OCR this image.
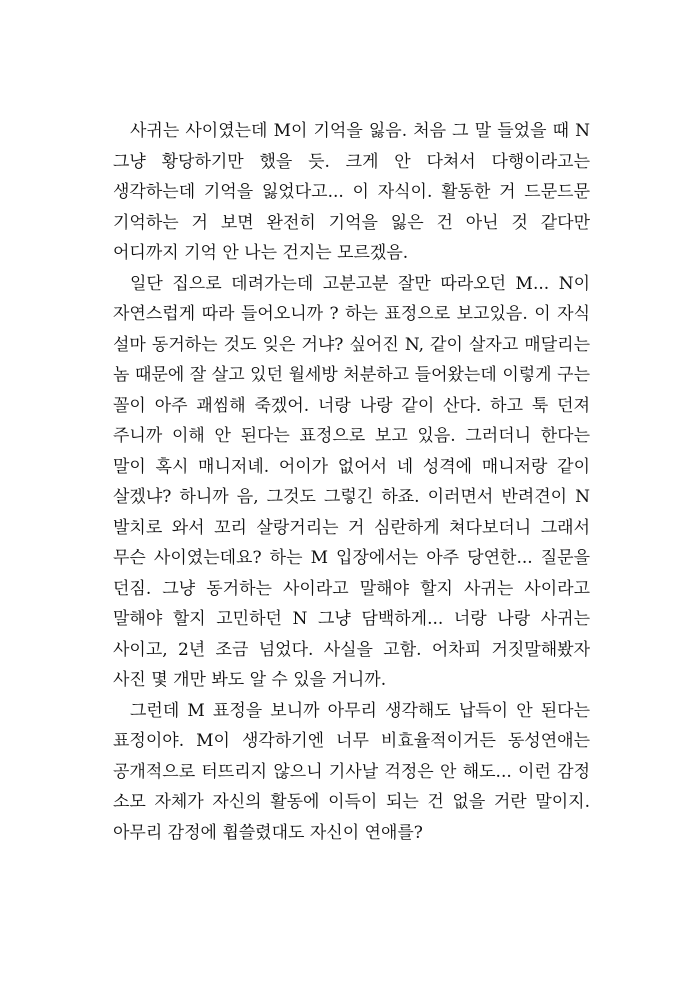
사귀는 사이였는데 M이 기억을 잃음. 처음 그 말 들었을 때 N 그냥 황당하기만 했을 듯. 크게 안 다쳐서 다행이라고는 생각하는데 기억을 잃었다고... 이 자식이. 활동한 거 드문드문 기억하는 거 보면 완전히 기억을 잃은 건 아닌 것 같다만 어디까지 기억 안 나는 건지는 모르겠음.

일단 집으로 데려가는데 고분고분 잘만 따라오던 M... N이 자연스럽게 따라 들어오니까 ? 하는 표정으로 보고있음. 이 자식 설마 동거하는 것도 잊은 거냐? 싶어진 N, 같이 살자고 매달리는 놈 때문에 잘 살고 있던 월세방 처분하고 들어왔는데 이렇게 구는 꼴이 아주 괘씸해 죽겠어. 너랑 나랑 같이 산다. 하고 툭 던져 주니까 이해 안 된다는 표정으로 보고 있음. 그러더니 한다는 말이 혹시 매니저녜. 어이가 없어서 네 성격에 매니저랑 같이 살겠냐? 하니까 음, 그것도 그렇긴 하죠. 이러면서 반려견이 N 발치로 와서 꼬리 살랑거리는 거 심란하게 쳐다보더니 그래서 무슨 사이였는데요? 하는 M 입장에서는 아주 당연한... 질문을 던짐. 그냥 동거하는 사이라고 말해야 할지 사귀는 사이라고 말해야 할지 고민하던 N 그냥 담백하게... 너랑 나랑 사귀는 사이고, 2년 조금 넘었다. 사실을 고함. 어차피 거짓말해봤자 사진 몇 개만 봐도 알 수 있을 거니까.

그런데 M 표정을 보니까 아무리 생각해도 납득이 안 된다는 표정이야. M이 생각하기엔 너무 비효율적이거든 동성연애는 공개적으로 터뜨리지 않으니 기사날 걱정은 안 해도... 이런 감정 소모 자체가 자신의 활동에 이득이 되는 건 없을 거란 말이지. 아무리 감정에 휩쓸렸대도 자신이 연애를?
